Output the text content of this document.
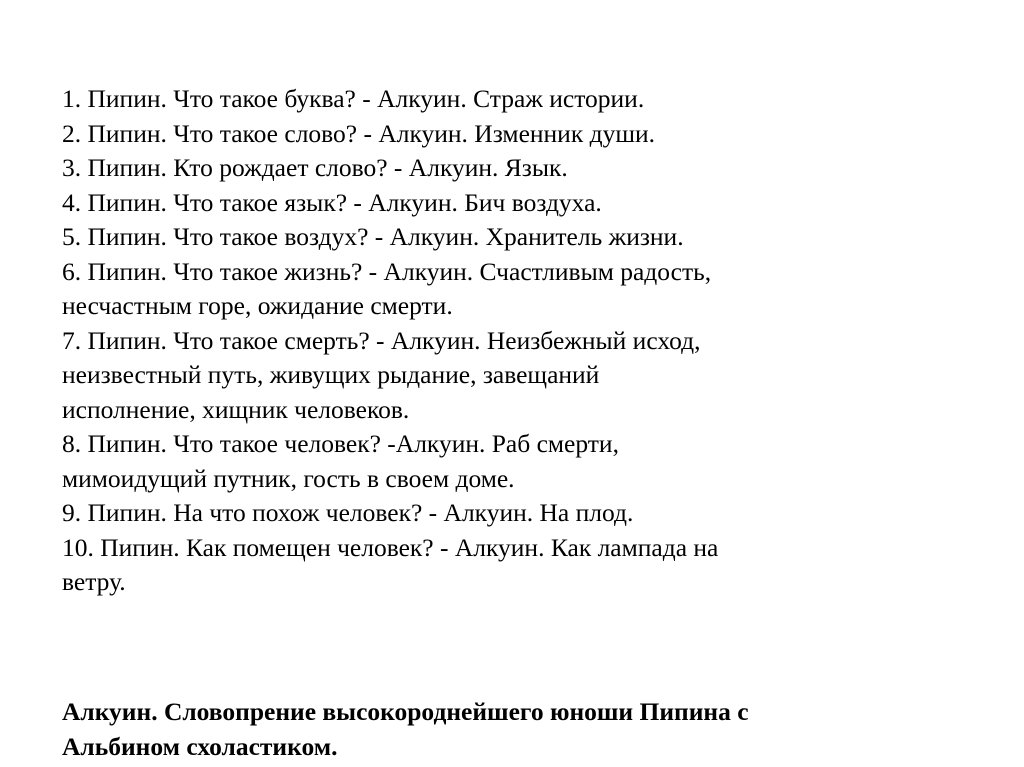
1. Пипин. Что такое буква? - Алкуин. Страж истории.
2. Пипин. Что такое слово? - Алкуин. Изменник души.
3. Пипин. Кто рождает слово? - Алкуин. Язык.
4. Пипин. Что такое язык? - Алкуин. Бич воздуха.
5. Пипин. Что такое воздух? - Алкуин. Хранитель жизни.
6. Пипин. Что такое жизнь? - Алкуин. Счастливым радость,
несчастным горе, ожидание смерти.
7. Пипин. Что такое смерть? - Алкуин. Неизбежный исход,
неизвестный путь, живущих рыдание, завещаний
исполнение, хищник человеков.
8. Пипин. Что такое человек? -Алкуин. Раб смерти,
мимоидущий путник, гость в своем доме.
9. Пипин. На что похож человек? - Алкуин. На плод.
10. Пипин. Как помещен человек? - Алкуин. Как лампада на
ветру.
Алкуин. Словопрение высокороднейшего юноши Пипина с
Альбином схоластиком.
